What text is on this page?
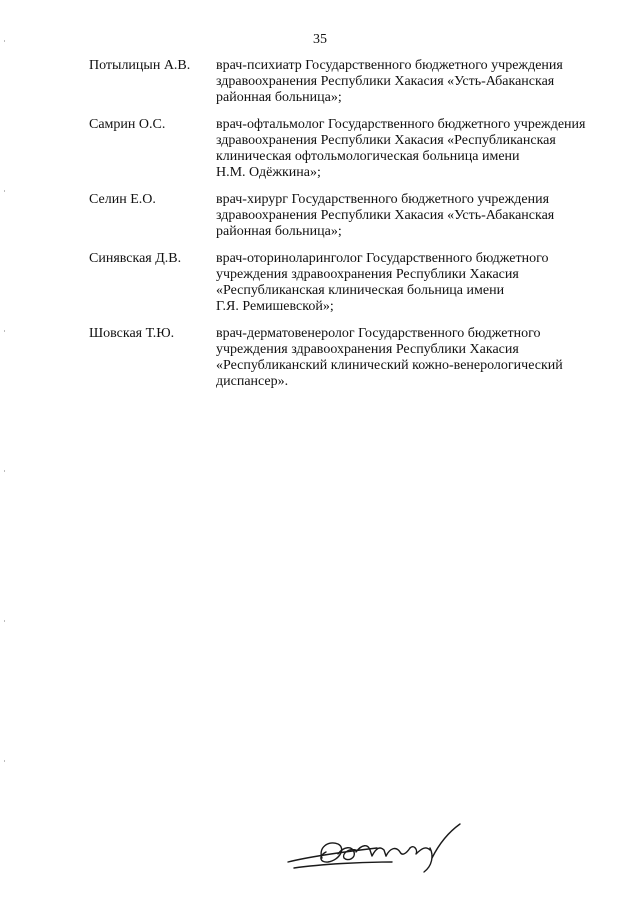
35
Потылицын А.В.	врач-психиатр Государственного бюджетного учреждения
здравоохранения Республики Хакасия «Усть-Абаканская
районная больница»;
Самрин О.С.	врач-офтальмолог Государственного бюджетного учреждения
здравоохранения Республики Хакасия «Республиканская
клиническая офтольмологическая больница имени
Н.М. Одёжкина»;
Селин Е.О.	врач-хирург Государственного бюджетного учреждения
здравоохранения Республики Хакасия «Усть-Абаканская
районная больница»;
Синявская Д.В.	врач-оториноларинголог Государственного бюджетного
учреждения здравоохранения Республики Хакасия
«Республиканская клиническая больница имени
Г.Я. Ремишевской»;
Шовская Т.Ю.	врач-дерматовенеролог Государственного бюджетного
учреждения здравоохранения Республики Хакасия
«Республиканский клинический кожно-венерологический
диспансер».
